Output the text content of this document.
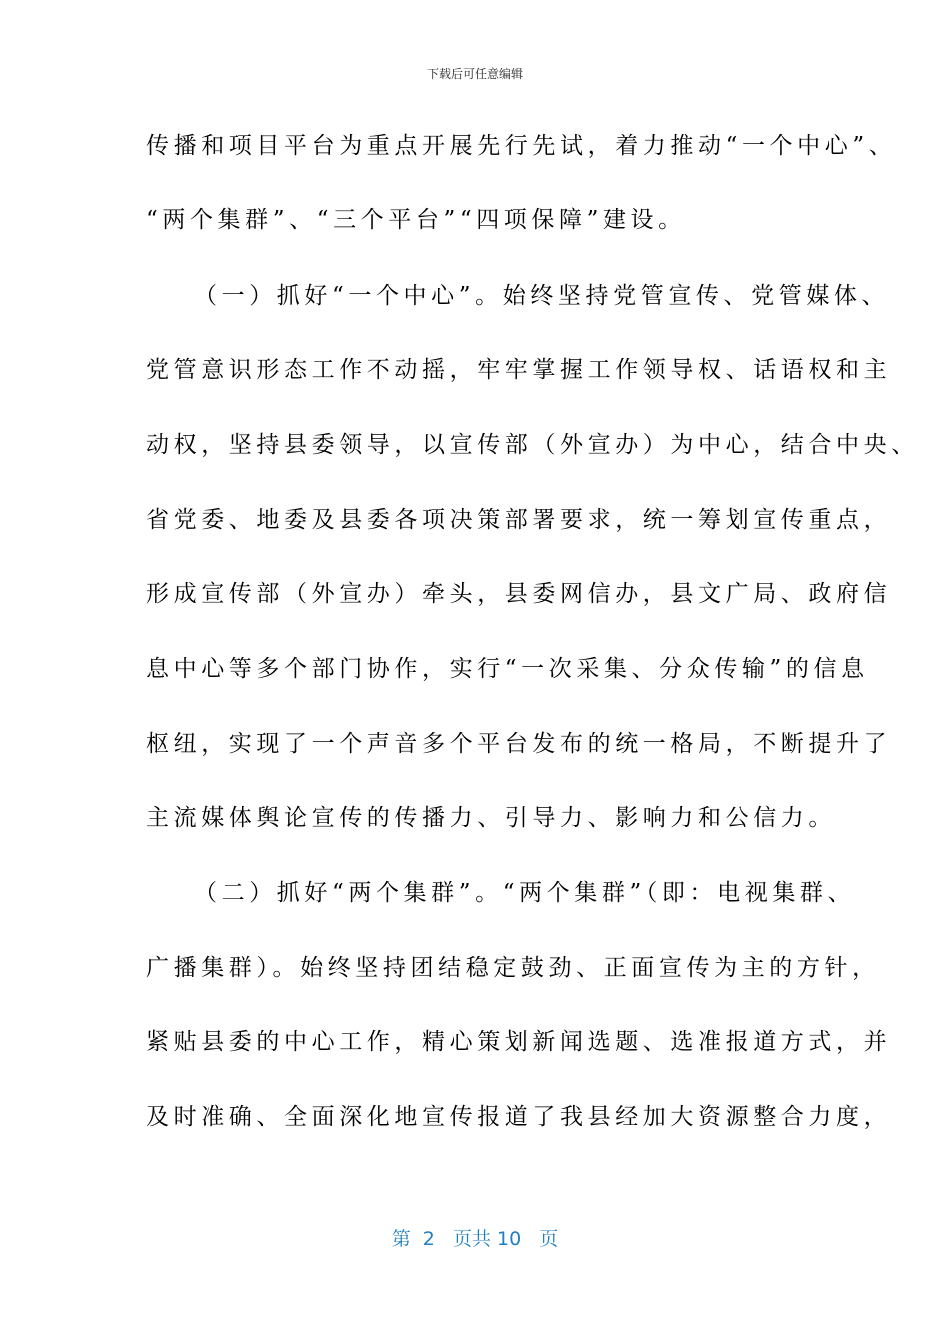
下载后可任意编辑
传播和项目平台为重点开展先行先试，着力推动“一个中心”、
“两个集群”、“三个平台”“四项保障”建设。
（一）抓好“一个中心”。始终坚持党管宣传、党管媒体、
党管意识形态工作不动摇，牢牢掌握工作领导权、话语权和主
动权，坚持县委领导，以宣传部（外宣办）为中心，结合中央、
省党委、地委及县委各项决策部署要求，统一筹划宣传重点，
形成宣传部（外宣办）牵头，县委网信办，县文广局、政府信
息中心等多个部门协作，实行“一次采集、分众传输”的信息
枢纽，实现了一个声音多个平台发布的统一格局，不断提升了
主流媒体舆论宣传的传播力、引导力、影响力和公信力。
（二）抓好“两个集群”。“两个集群”（即：电视集群、
广播集群）。始终坚持团结稳定鼓劲、正面宣传为主的方针，
紧贴县委的中心工作，精心策划新闻选题、选准报道方式，并
及时准确、全面深化地宣传报道了我县经加大资源整合力度，
第  2   页共 10   页
